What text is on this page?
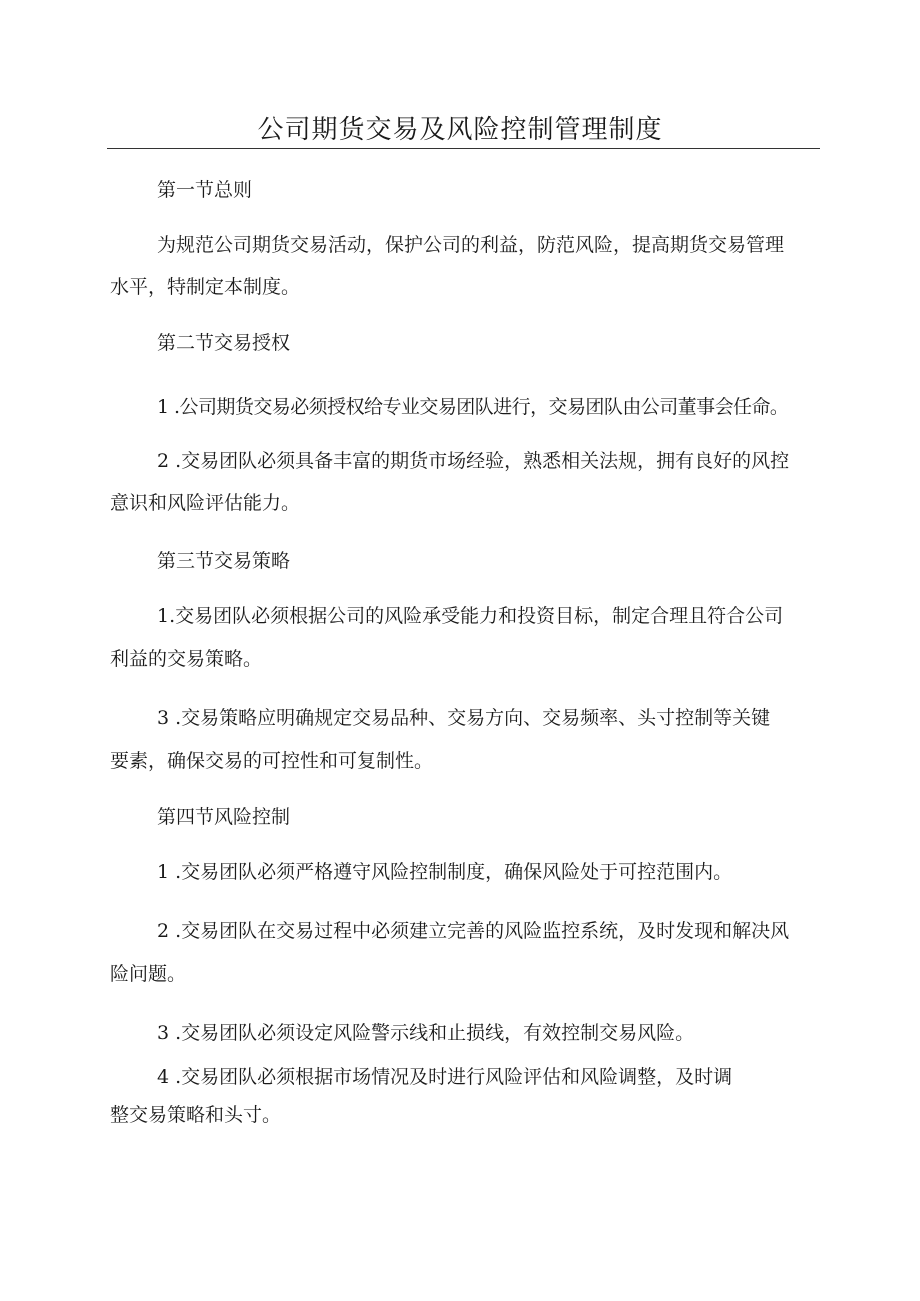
公司期货交易及风险控制管理制度
第一节总则
为规范公司期货交易活动，保护公司的利益，防范风险，提高期货交易管理
水平，特制定本制度。
第二节交易授权
1 .公司期货交易必须授权给专业交易团队进行，交易团队由公司董事会任命。
2 .交易团队必须具备丰富的期货市场经验，熟悉相关法规，拥有良好的风控
意识和风险评估能力。
第三节交易策略
1.交易团队必须根据公司的风险承受能力和投资目标，制定合理且符合公司
利益的交易策略。
3 .交易策略应明确规定交易品种、交易方向、交易频率、头寸控制等关键
要素，确保交易的可控性和可复制性。
第四节风险控制
1 .交易团队必须严格遵守风险控制制度，确保风险处于可控范围内。
2 .交易团队在交易过程中必须建立完善的风险监控系统，及时发现和解决风
险问题。
3 .交易团队必须设定风险警示线和止损线，有效控制交易风险。
4 .交易团队必须根据市场情况及时进行风险评估和风险调整，及时调
整交易策略和头寸。
